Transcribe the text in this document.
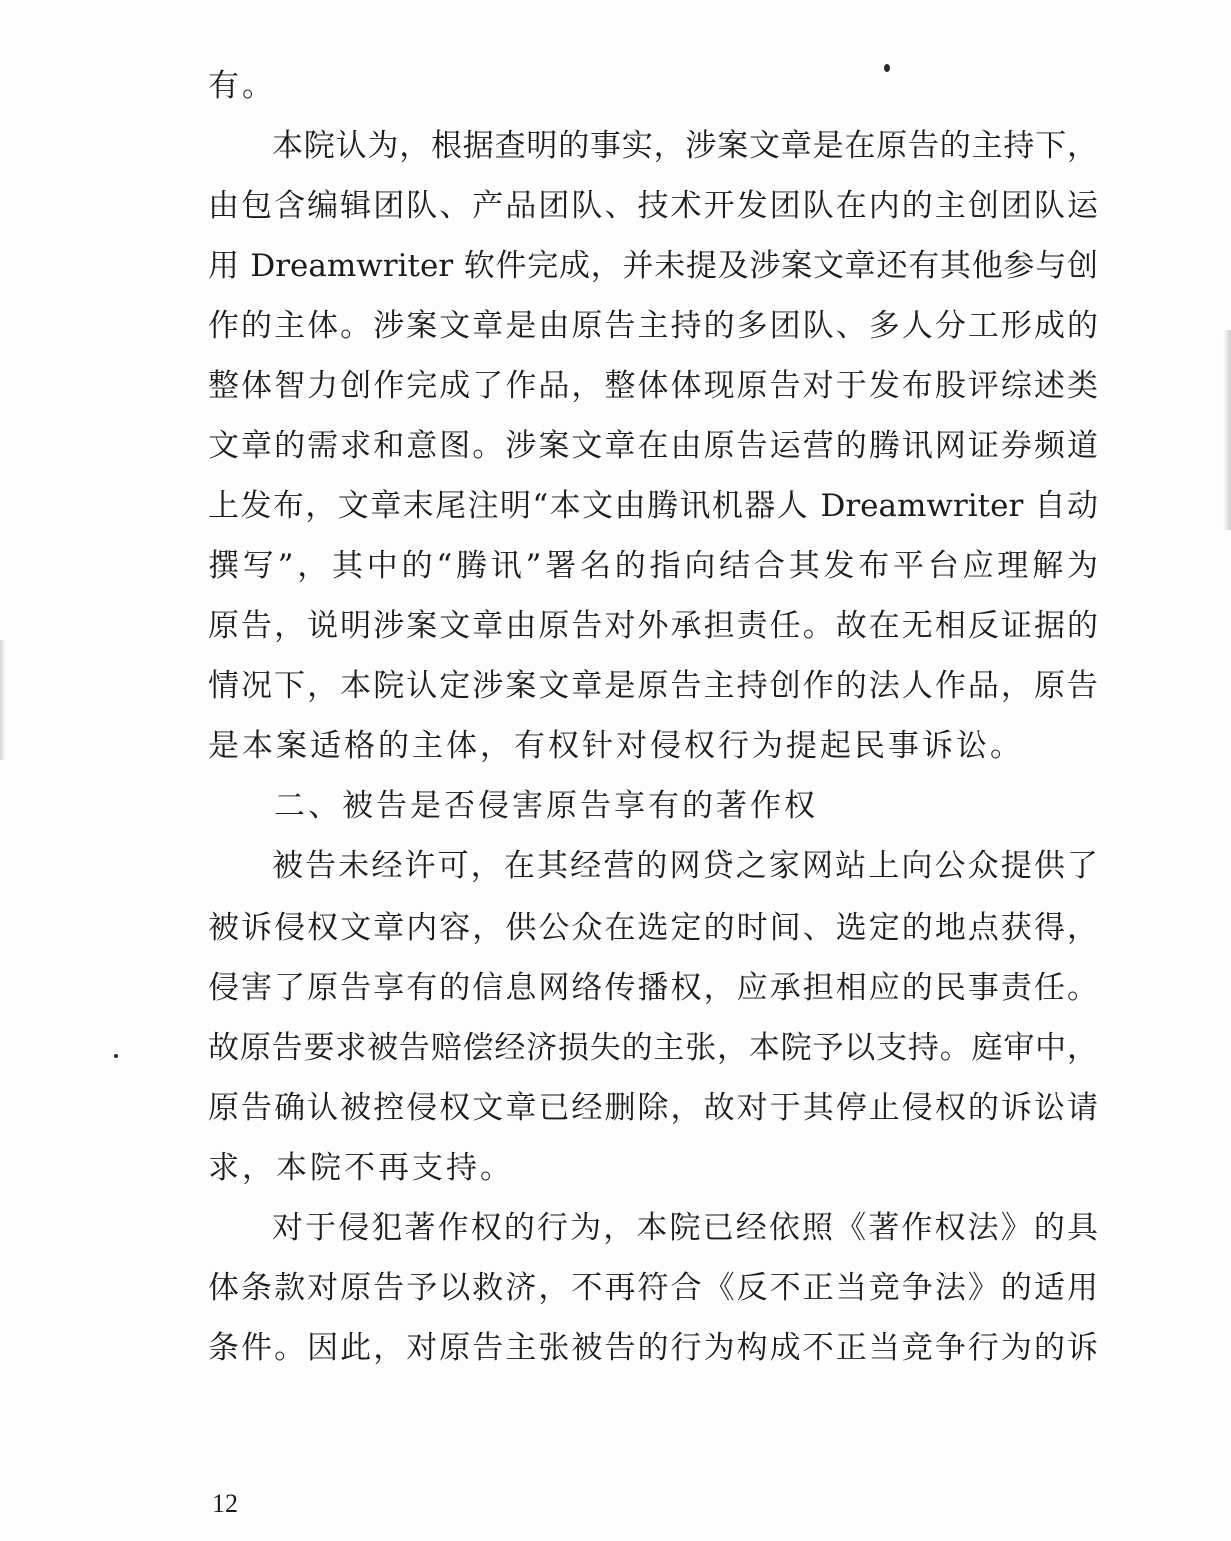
有。
本院认为，根据查明的事实，涉案文章是在原告的主持下，
由包含编辑团队、产品团队、技术开发团队在内的主创团队运
用 Dreamwriter 软件完成，并未提及涉案文章还有其他参与创
作的主体。涉案文章是由原告主持的多团队、多人分工形成的
整体智力创作完成了作品，整体体现原告对于发布股评综述类
文章的需求和意图。涉案文章在由原告运营的腾讯网证券频道
上发布，文章末尾注明“本文由腾讯机器人 Dreamwriter 自动
撰写”，其中的“腾讯”署名的指向结合其发布平台应理解为
原告，说明涉案文章由原告对外承担责任。故在无相反证据的
情况下，本院认定涉案文章是原告主持创作的法人作品，原告
是本案适格的主体，有权针对侵权行为提起民事诉讼。
二、被告是否侵害原告享有的著作权
被告未经许可，在其经营的网贷之家网站上向公众提供了
被诉侵权文章内容，供公众在选定的时间、选定的地点获得，
侵害了原告享有的信息网络传播权，应承担相应的民事责任。
故原告要求被告赔偿经济损失的主张，本院予以支持。庭审中，
原告确认被控侵权文章已经删除，故对于其停止侵权的诉讼请
求，本院不再支持。
对于侵犯著作权的行为，本院已经依照《著作权法》的具
体条款对原告予以救济，不再符合《反不正当竞争法》的适用
条件。因此，对原告主张被告的行为构成不正当竞争行为的诉
12
